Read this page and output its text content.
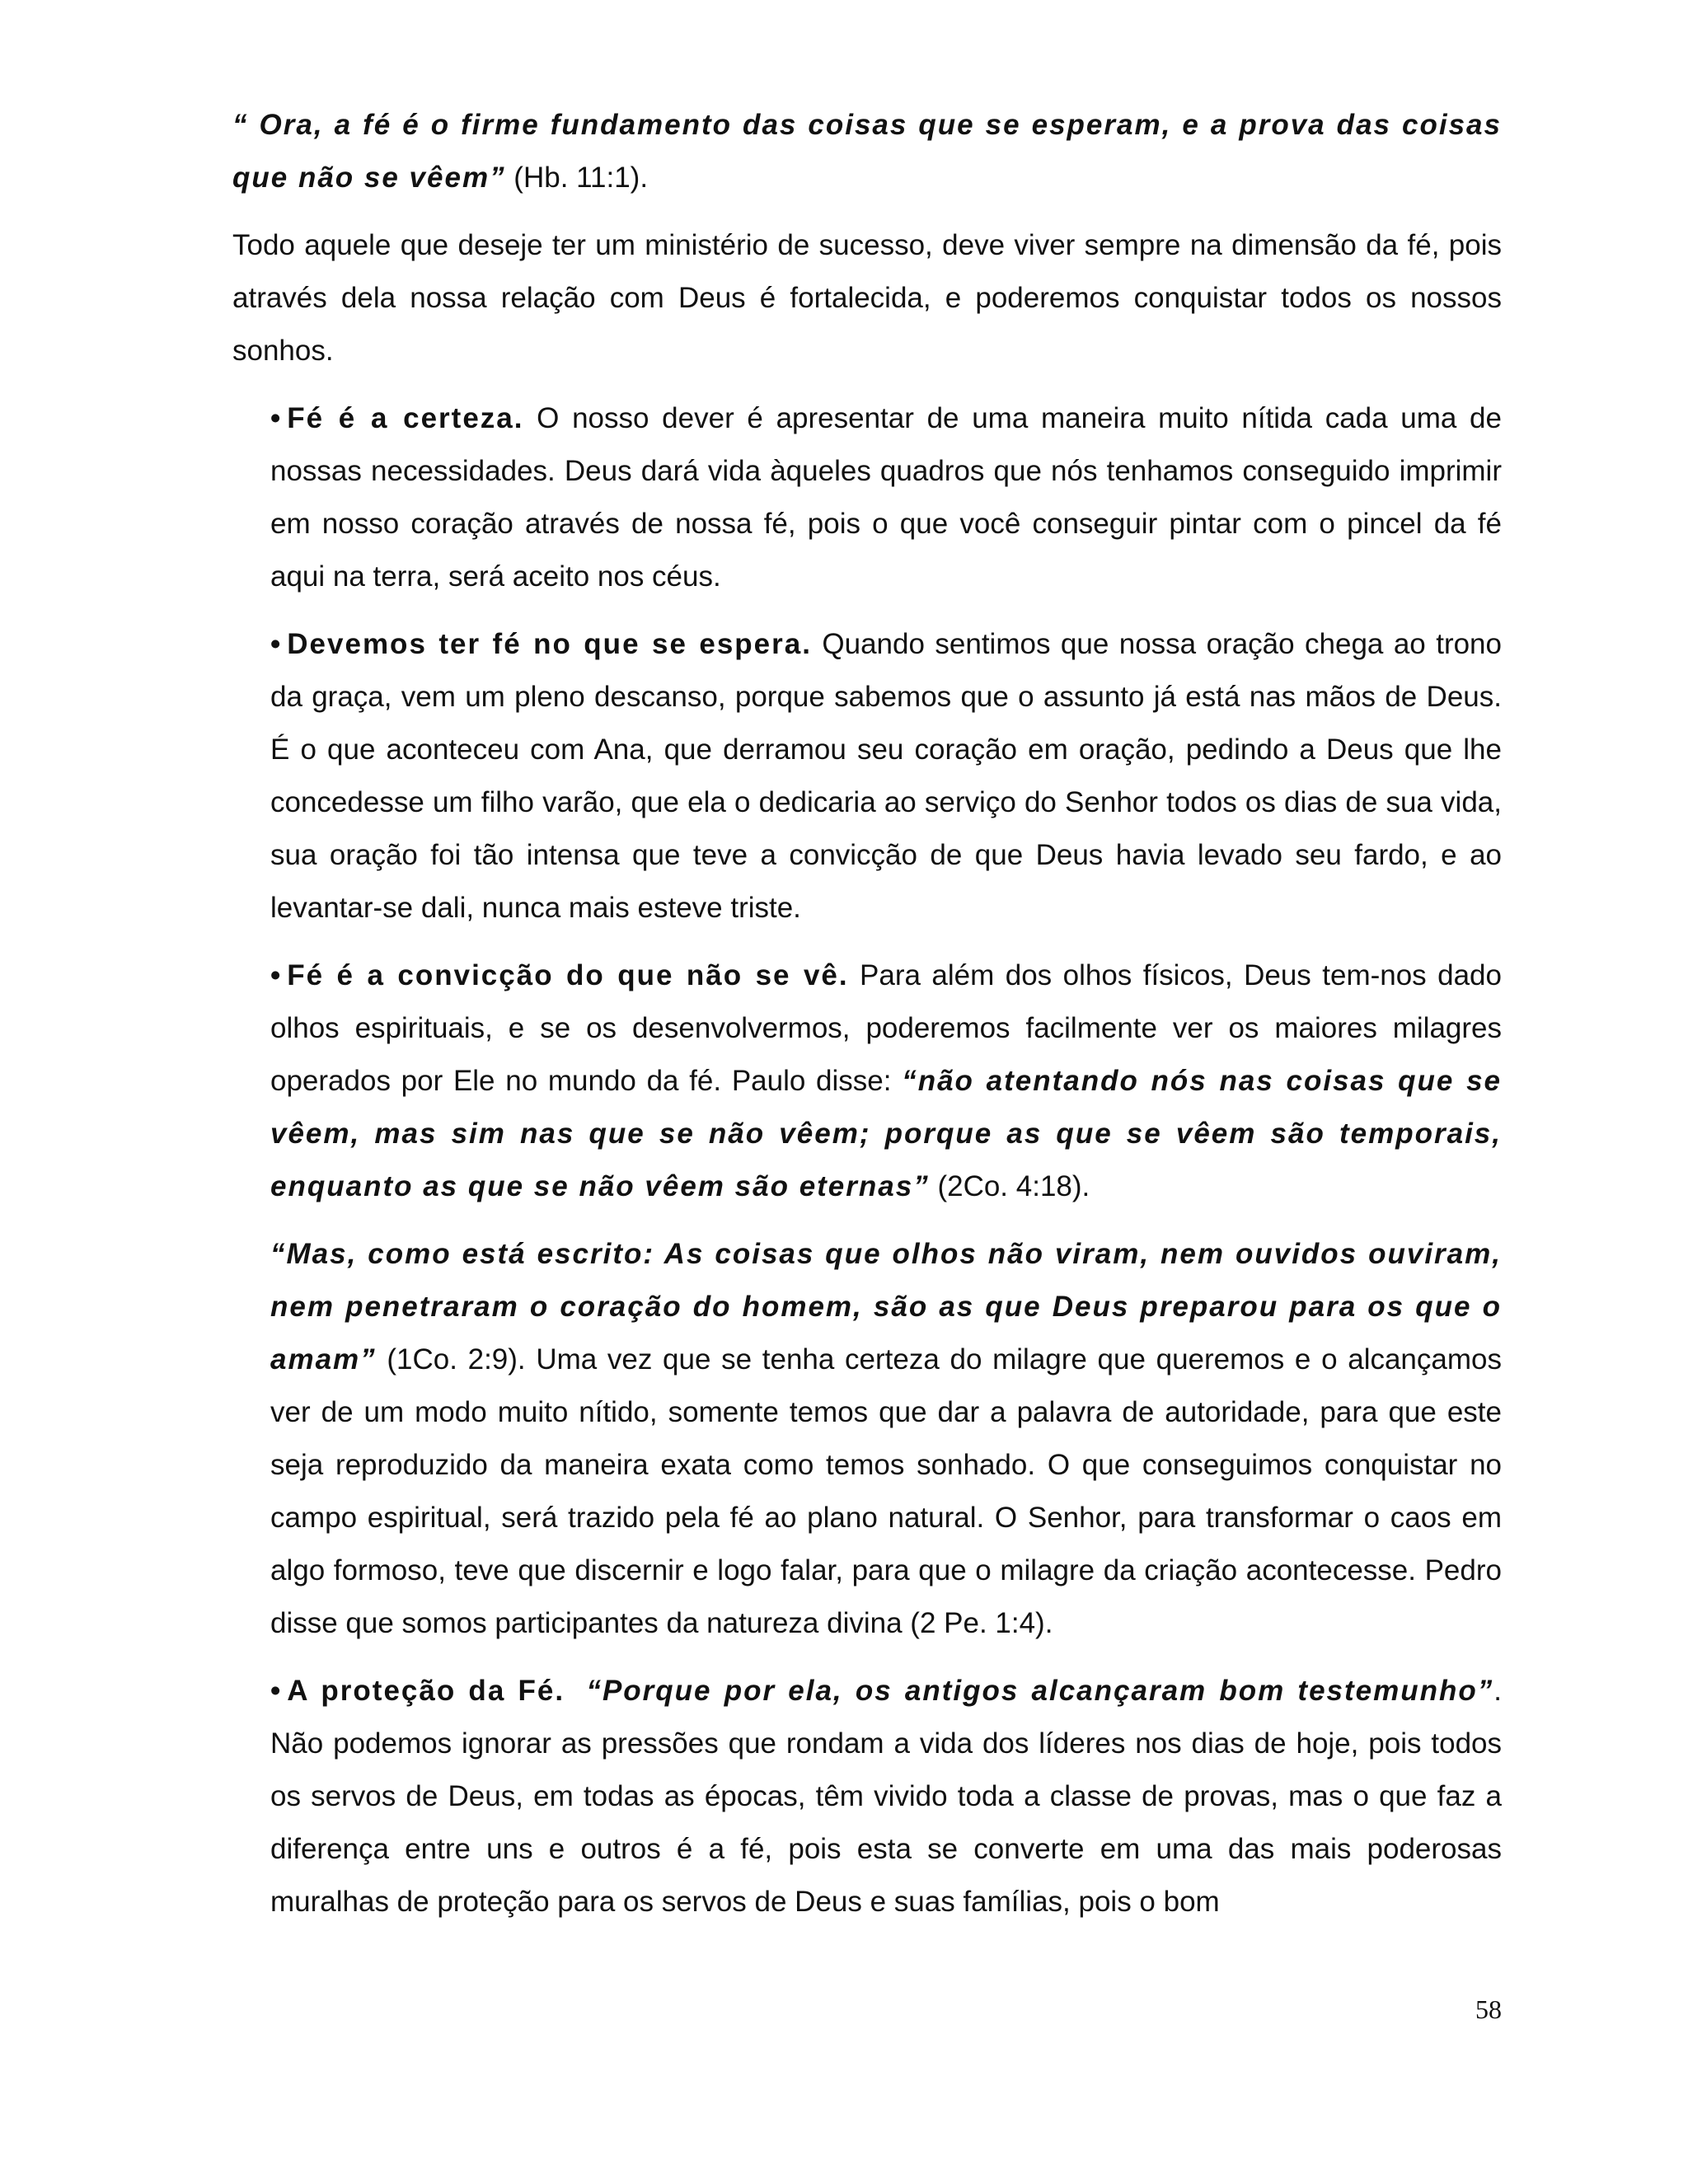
“ Ora, a fé é o firme fundamento das coisas que se esperam, e a prova das coisas que não se vêem” (Hb. 11:1).

Todo aquele que deseje ter um ministério de sucesso, deve viver sempre na dimensão da fé, pois através dela nossa relação com Deus é fortalecida, e poderemos conquistar todos os nossos sonhos.

• Fé é a certeza. O nosso dever é apresentar de uma maneira muito nítida cada uma de nossas necessidades. Deus dará vida àqueles quadros que nós tenhamos conseguido imprimir em nosso coração através de nossa fé, pois o que você conseguir pintar com o pincel da fé aqui na terra, será aceito nos céus.

• Devemos ter fé no que se espera. Quando sentimos que nossa oração chega ao trono da graça, vem um pleno descanso, porque sabemos que o assunto já está nas mãos de Deus. É o que aconteceu com Ana, que derramou seu coração em oração, pedindo a Deus que lhe concedesse um filho varão, que ela o dedicaria ao serviço do Senhor todos os dias de sua vida, sua oração foi tão intensa que teve a convicção de que Deus havia levado seu fardo, e ao levantar-se dali, nunca mais esteve triste.

• Fé é a convicção do que não se vê. Para além dos olhos físicos, Deus tem-nos dado olhos espirituais, e se os desenvolvermos, poderemos facilmente ver os maiores milagres operados por Ele no mundo da fé. Paulo disse: “não atentando nós nas coisas que se vêem, mas sim nas que se não vêem; porque as que se vêem são temporais, enquanto as que se não vêem são eternas” (2Co. 4:18).

“Mas, como está escrito: As coisas que olhos não viram, nem ouvidos ouviram, nem penetraram o coração do homem, são as que Deus preparou para os que o amam” (1Co. 2:9). Uma vez que se tenha certeza do milagre que queremos e o alcançamos ver de um modo muito nítido, somente temos que dar a palavra de autoridade, para que este seja reproduzido da maneira exata como temos sonhado. O que conseguimos conquistar no campo espiritual, será trazido pela fé ao plano natural. O Senhor, para transformar o caos em algo formoso, teve que discernir e logo falar, para que o milagre da criação acontecesse. Pedro disse que somos participantes da natureza divina (2 Pe. 1:4).

• A proteção da Fé. “Porque por ela, os antigos alcançaram bom testemunho”. Não podemos ignorar as pressões que rondam a vida dos líderes nos dias de hoje, pois todos os servos de Deus, em todas as épocas, têm vivido toda a classe de provas, mas o que faz a diferença entre uns e outros é a fé, pois esta se converte em uma das mais poderosas muralhas de proteção para os servos de Deus e suas famílias, pois o bom

58
